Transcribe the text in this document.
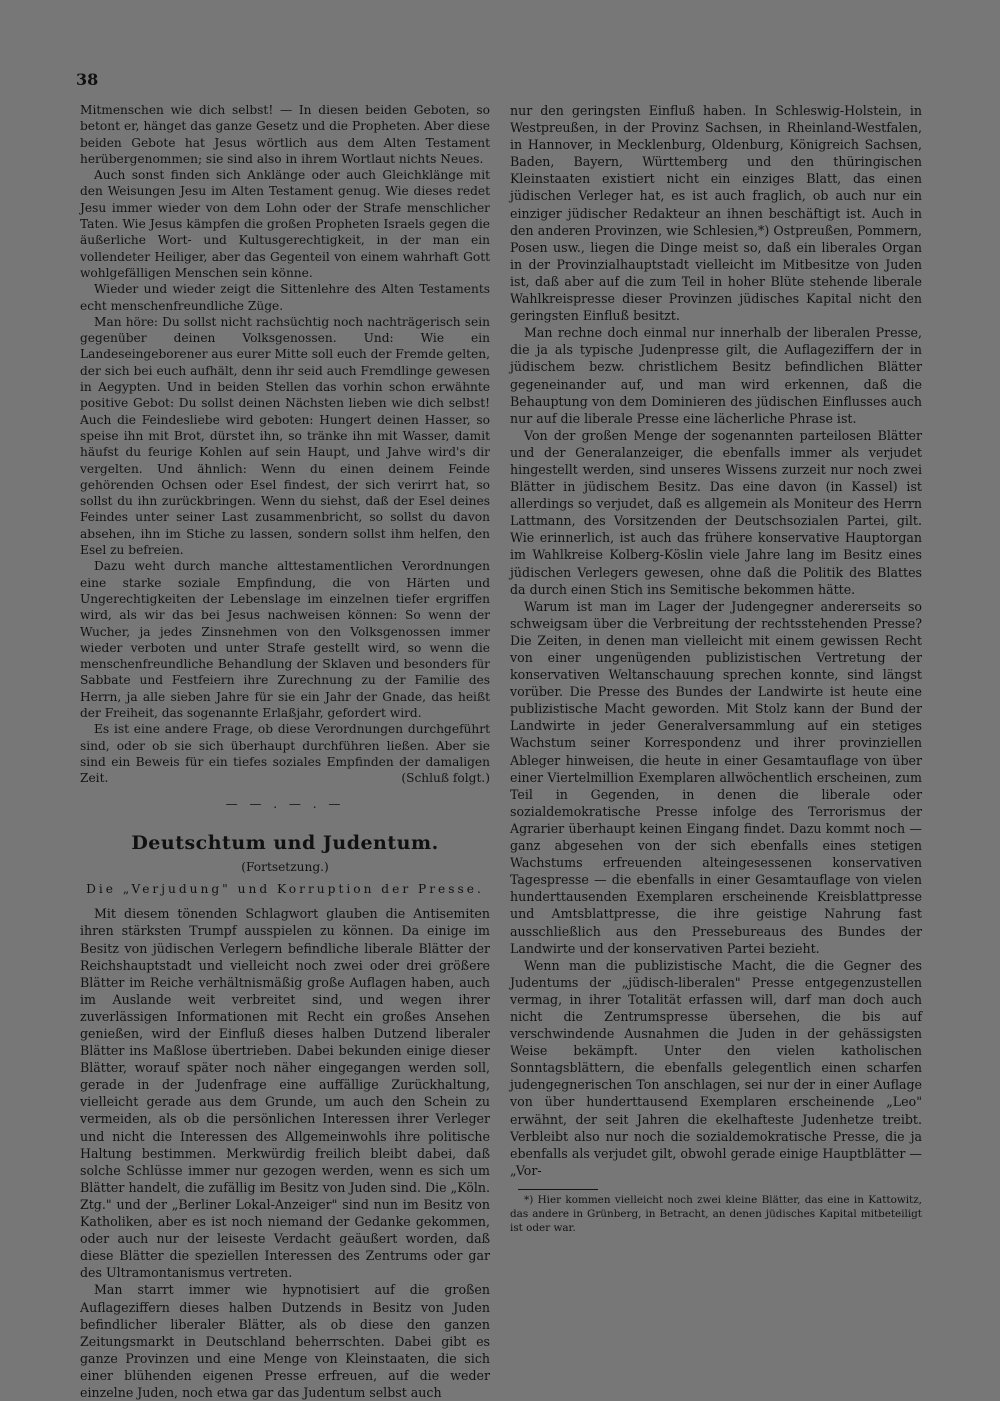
38

Mitmenschen wie dich selbst! — In diesen beiden Geboten, so betont er, hänget das ganze Gesetz und die Propheten. Aber diese beiden Gebote hat Jesus wörtlich aus dem Alten Testament herübergenommen; sie sind also in ihrem Wortlaut nichts Neues.

Auch sonst finden sich Anklänge oder auch Gleichklänge mit den Weisungen Jesu im Alten Testament genug. Wie dieses redet Jesu immer wieder von dem Lohn oder der Strafe menschlicher Taten. Wie Jesus kämpfen die großen Propheten Israels gegen die äußerliche Wort- und Kultusgerechtigkeit, in der man ein vollendeter Heiliger, aber das Gegenteil von einem wahrhaft Gott wohlgefälligen Menschen sein könne.

Wieder und wieder zeigt die Sittenlehre des Alten Testaments echt menschenfreundliche Züge.

Man höre: Du sollst nicht rachsüchtig noch nachträgerisch sein gegenüber deinen Volksgenossen. Und: Wie ein Landeseingeborener aus eurer Mitte soll euch der Fremde gelten, der sich bei euch aufhält, denn ihr seid auch Fremdlinge gewesen in Aegypten. Und in beiden Stellen das vorhin schon erwähnte positive Gebot: Du sollst deinen Nächsten lieben wie dich selbst! Auch die Feindesliebe wird geboten: Hungert deinen Hasser, so speise ihn mit Brot, dürstet ihn, so tränke ihn mit Wasser, damit häufst du feurige Kohlen auf sein Haupt, und Jahve wird's dir vergelten. Und ähnlich: Wenn du einen deinem Feinde gehörenden Ochsen oder Esel findest, der sich verirrt hat, so sollst du ihn zurückbringen. Wenn du siehst, daß der Esel deines Feindes unter seiner Last zusammenbricht, so sollst du davon absehen, ihn im Stiche zu lassen, sondern sollst ihm helfen, den Esel zu befreien.

Dazu weht durch manche alttestamentlichen Verordnungen eine starke soziale Empfindung, die von Härten und Ungerechtigkeiten der Lebenslage im einzelnen tiefer ergriffen wird, als wir das bei Jesus nachweisen können: So wenn der Wucher, ja jedes Zinsnehmen von den Volksgenossen immer wieder verboten und unter Strafe gestellt wird, so wenn die menschenfreundliche Behandlung der Sklaven und besonders für Sabbate und Festfeiern ihre Zurechnung zu der Familie des Herrn, ja alle sieben Jahre für sie ein Jahr der Gnade, das heißt der Freiheit, das sogenannte Erlaßjahr, gefordert wird.

Es ist eine andere Frage, ob diese Verordnungen durchgeführt sind, oder ob sie sich überhaupt durchführen ließen. Aber sie sind ein Beweis für ein tiefes soziales Empfinden der damaligen Zeit.	(Schluß folgt.)

— — . — . —
Deutschtum und Judentum.
(Fortsetzung.)
Die „Verjudung" und Korruption der Presse.

Mit diesem tönenden Schlagwort glauben die Antisemiten ihren stärksten Trumpf ausspielen zu können. Da einige im Besitz von jüdischen Verlegern befindliche liberale Blätter der Reichshauptstadt und vielleicht noch zwei oder drei größere Blätter im Reiche verhältnismäßig große Auflagen haben, auch im Auslande weit verbreitet sind, und wegen ihrer zuverlässigen Informationen mit Recht ein großes Ansehen genießen, wird der Einfluß dieses halben Dutzend liberaler Blätter ins Maßlose übertrieben. Dabei bekunden einige dieser Blätter, worauf später noch näher eingegangen werden soll, gerade in der Judenfrage eine auffällige Zurückhaltung, vielleicht gerade aus dem Grunde, um auch den Schein zu vermeiden, als ob die persönlichen Interessen ihrer Verleger und nicht die Interessen des Allgemeinwohls ihre politische Haltung bestimmen. Merkwürdig freilich bleibt dabei, daß solche Schlüsse immer nur gezogen werden, wenn es sich um Blätter handelt, die zufällig im Besitz von Juden sind. Die „Köln. Ztg." und der „Berliner Lokal-Anzeiger" sind nun im Besitz von Katholiken, aber es ist noch niemand der Gedanke gekommen, oder auch nur der leiseste Verdacht geäußert worden, daß diese Blätter die speziellen Interessen des Zentrums oder gar des Ultramontanismus vertreten.

Man starrt immer wie hypnotisiert auf die großen Auflageziffern dieses halben Dutzends in Besitz von Juden befindlicher liberaler Blätter, als ob diese den ganzen Zeitungsmarkt in Deutschland beherrschten. Dabei gibt es ganze Provinzen und eine Menge von Kleinstaaten, die sich einer blühenden eigenen Presse erfreuen, auf die weder einzelne Juden, noch etwa gar das Judentum selbst auch

nur den geringsten Einfluß haben. In Schleswig-Holstein, in Westpreußen, in der Provinz Sachsen, in Rheinland-Westfalen, in Hannover, in Mecklenburg, Oldenburg, Königreich Sachsen, Baden, Bayern, Württemberg und den thüringischen Kleinstaaten existiert nicht ein einziges Blatt, das einen jüdischen Verleger hat, es ist auch fraglich, ob auch nur ein einziger jüdischer Redakteur an ihnen beschäftigt ist. Auch in den anderen Provinzen, wie Schlesien,*) Ostpreußen, Pommern, Posen usw., liegen die Dinge meist so, daß ein liberales Organ in der Provinzialhauptstadt vielleicht im Mitbesitze von Juden ist, daß aber auf die zum Teil in hoher Blüte stehende liberale Wahlkreispresse dieser Provinzen jüdisches Kapital nicht den geringsten Einfluß besitzt.

Man rechne doch einmal nur innerhalb der liberalen Presse, die ja als typische Judenpresse gilt, die Auflageziffern der in jüdischem bezw. christlichem Besitz befindlichen Blätter gegeneinander auf, und man wird erkennen, daß die Behauptung von dem Dominieren des jüdischen Einflusses auch nur auf die liberale Presse eine lächerliche Phrase ist.

Von der großen Menge der sogenannten parteilosen Blätter und der Generalanzeiger, die ebenfalls immer als verjudet hingestellt werden, sind unseres Wissens zurzeit nur noch zwei Blätter in jüdischem Besitz. Das eine davon (in Kassel) ist allerdings so verjudet, daß es allgemein als Moniteur des Herrn Lattmann, des Vorsitzenden der Deutschsozialen Partei, gilt. Wie erinnerlich, ist auch das frühere konservative Hauptorgan im Wahlkreise Kolberg-Köslin viele Jahre lang im Besitz eines jüdischen Verlegers gewesen, ohne daß die Politik des Blattes da durch einen Stich ins Semitische bekommen hätte.

Warum ist man im Lager der Judengegner andererseits so schweigsam über die Verbreitung der rechtsstehenden Presse? Die Zeiten, in denen man vielleicht mit einem gewissen Recht von einer ungenügenden publizistischen Vertretung der konservativen Weltanschauung sprechen konnte, sind längst vorüber. Die Presse des Bundes der Landwirte ist heute eine publizistische Macht geworden. Mit Stolz kann der Bund der Landwirte in jeder Generalversammlung auf ein stetiges Wachstum seiner Korrespondenz und ihrer provinziellen Ableger hinweisen, die heute in einer Gesamtauflage von über einer Viertelmillion Exemplaren allwöchentlich erscheinen, zum Teil in Gegenden, in denen die liberale oder sozialdemokratische Presse infolge des Terrorismus der Agrarier überhaupt keinen Eingang findet. Dazu kommt noch — ganz abgesehen von der sich ebenfalls eines stetigen Wachstums erfreuenden alteingesessenen konservativen Tagespresse — die ebenfalls in einer Gesamtauflage von vielen hunderttausenden Exemplaren erscheinende Kreisblattpresse und Amtsblattpresse, die ihre geistige Nahrung fast ausschließlich aus den Pressebureaus des Bundes der Landwirte und der konservativen Partei bezieht.

Wenn man die publizistische Macht, die die Gegner des Judentums der „jüdisch-liberalen" Presse entgegenzustellen vermag, in ihrer Totalität erfassen will, darf man doch auch nicht die Zentrumspresse übersehen, die bis auf verschwindende Ausnahmen die Juden in der gehässigsten Weise bekämpft. Unter den vielen katholischen Sonntagsblättern, die ebenfalls gelegentlich einen scharfen judengegnerischen Ton anschlagen, sei nur der in einer Auflage von über hunderttausend Exemplaren erscheinende „Leo" erwähnt, der seit Jahren die ekelhafteste Judenhetze treibt. Verbleibt also nur noch die sozialdemokratische Presse, die ja ebenfalls als verjudet gilt, obwohl gerade einige Hauptblätter — „Vor-

*) Hier kommen vielleicht noch zwei kleine Blätter, das eine in Kattowitz, das andere in Grünberg, in Betracht, an denen jüdisches Kapital mitbeteiligt ist oder war.
